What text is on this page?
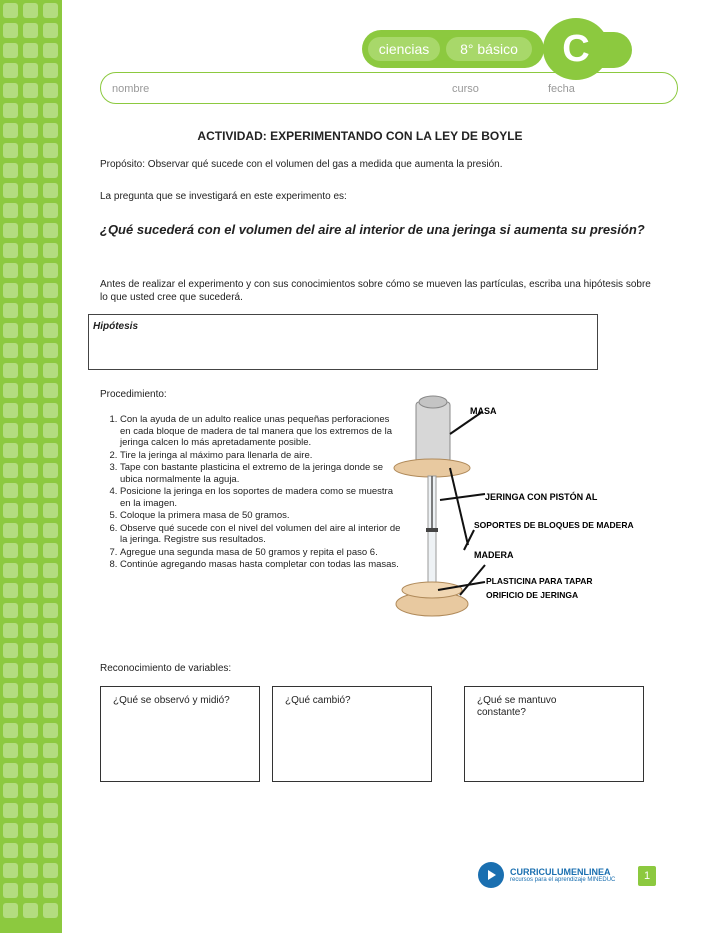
ciencias	8° básico	C
nombre	curso	fecha
ACTIVIDAD: EXPERIMENTANDO CON LA LEY DE BOYLE
Propósito: Observar qué sucede con el volumen del gas a medida que aumenta la presión.
La pregunta que se investigará en este experimento es:
¿Qué sucederá con el volumen del aire al interior de una jeringa si aumenta su presión?
Antes de realizar el experimento y con sus conocimientos sobre cómo se mueven las partículas, escriba una hipótesis sobre lo que usted cree que sucederá.
Hipótesis
Procedimiento:
1. Con la ayuda de un adulto realice unas pequeñas perforaciones en cada bloque de madera de tal manera que los extremos de la jeringa calcen lo más apretadamente posible.
2. Tire la jeringa al máximo para llenarla de aire.
3. Tape con bastante plasticina el extremo de la jeringa donde se ubica normalmente la aguja.
4. Posicione la jeringa en los soportes de madera como se muestra en la imagen.
5. Coloque la primera masa de 50 gramos.
6. Observe qué sucede con el nivel del volumen del aire al interior de la jeringa. Registre sus resultados.
7. Agregue una segunda masa de 50 gramos y repita el paso 6.
8. Continúe agregando masas hasta completar con todas las masas.
MASA
JERINGA CON PISTÓN AL
SOPORTES DE BLOQUES DE MADERA
MADERA
PLASTICINA PARA TAPAR
ORIFICIO DE JERINGA
Reconocimiento de variables:
¿Qué se observó y midió?	¿Qué cambió?	¿Qué se mantuvo constante?
CURRICULUMENLINEA
recursos para el aprendizaje MINEDUC	1
